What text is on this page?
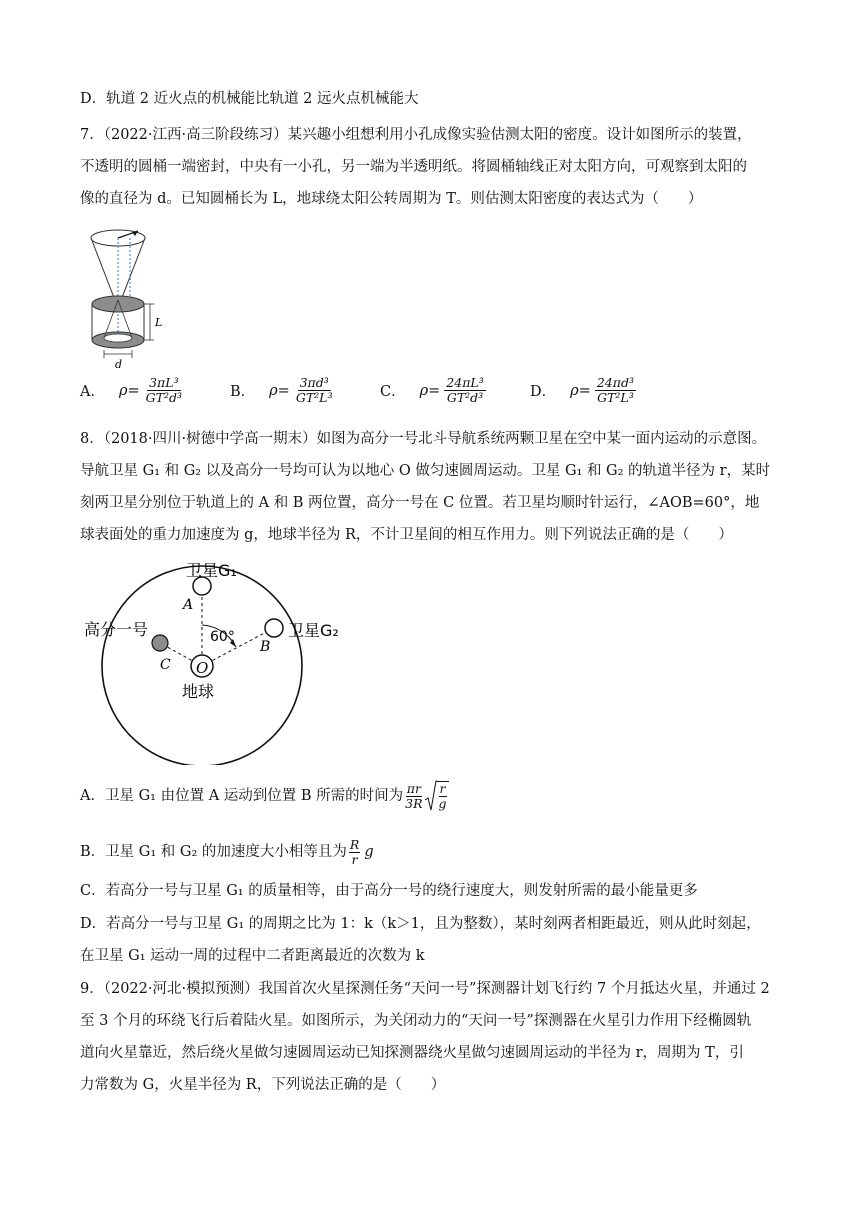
D．轨道 2 近火点的机械能比轨道 2 远火点机械能大
7．（2022·江西·高三阶段练习）某兴趣小组想利用小孔成像实验估测太阳的密度。设计如图所示的装置，
不透明的圆桶一端密封，中央有一小孔，另一端为半透明纸。将圆桶轴线正对太阳方向，可观察到太阳的
像的直径为 d。已知圆桶长为 L，地球绕太阳公转周期为 T。则估测太阳密度的表达式为（　　）
L
d
A． $\rho= \frac{\text{3πL³}}{\text{GT²d³}}$	B． $\rho= \frac{\text{3πd³}}{\text{GT²L³}}$	C． $\rho= \frac{\text{24πL³}}{\text{GT²d³}}$	D． $\rho= \frac{\text{24πd³}}{\text{GT²L³}}$
8．（2018·四川·树德中学高一期末）如图为高分一号北斗导航系统两颗卫星在空中某一面内运动的示意图。
导航卫星 G₁ 和 G₂ 以及高分一号均可认为以地心 O 做匀速圆周运动。卫星 G₁ 和 G₂ 的轨道半径为 r，某时
刻两卫星分别位于轨道上的 A 和 B 两位置，高分一号在 C 位置。若卫星均顺时针运行，∠AOB=60°，地
球表面处的重力加速度为 g，地球半径为 R，不计卫星间的相互作用力。则下列说法正确的是（　　）
O
卫星G₁
卫星G₂
高分一号
地球
60°
A
B
C
A．卫星 G₁ 由位置 A 运动到位置 B 所需的时间为 $\frac{\pi r}{3R} \frac{r}{g}$
B．卫星 G₁ 和 G₂ 的加速度大小相等且为 $\frac{R}{r}$ g
C．若高分一号与卫星 G₁ 的质量相等，由于高分一号的绕行速度大，则发射所需的最小能量更多
D．若高分一号与卫星 G₁ 的周期之比为 1：k（k＞1，且为整数），某时刻两者相距最近，则从此时刻起，
在卫星 G₁ 运动一周的过程中二者距离最近的次数为 k
9．（2022·河北·模拟预测）我国首次火星探测任务“天问一号”探测器计划飞行约 7 个月抵达火星，并通过 2
至 3 个月的环绕飞行后着陆火星。如图所示，为关闭动力的“天问一号”探测器在火星引力作用下经椭圆轨
道向火星靠近，然后绕火星做匀速圆周运动已知探测器绕火星做匀速圆周运动的半径为 r，周期为 T，引
力常数为 G，火星半径为 R，下列说法正确的是（　　）
